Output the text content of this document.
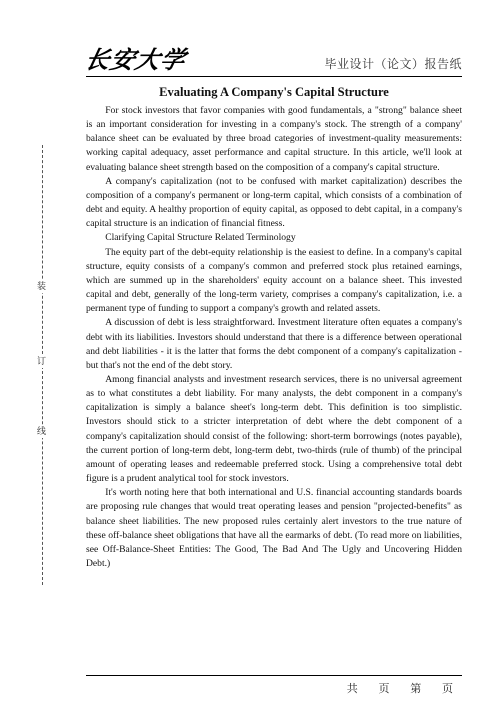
长安大学	毕业设计（论文）报告纸
装
订
线
Evaluating A Company's Capital Structure

For stock investors that favor companies with good fundamentals, a "strong" balance sheet is an important consideration for investing in a company's stock. The strength of a company' balance sheet can be evaluated by three broad categories of investment-quality measurements: working capital adequacy, asset performance and capital structure. In this article, we'll look at evaluating balance sheet strength based on the composition of a company's capital structure.

A company's capitalization (not to be confused with market capitalization) describes the composition of a company's permanent or long-term capital, which consists of a combination of debt and equity. A healthy proportion of equity capital, as opposed to debt capital, in a company's capital structure is an indication of financial fitness.

Clarifying Capital Structure Related Terminology

The equity part of the debt-equity relationship is the easiest to define. In a company's capital structure, equity consists of a company's common and preferred stock plus retained earnings, which are summed up in the shareholders' equity account on a balance sheet. This invested capital and debt, generally of the long-term variety, comprises a company's capitalization, i.e. a permanent type of funding to support a company's growth and related assets.

A discussion of debt is less straightforward. Investment literature often equates a company's debt with its liabilities. Investors should understand that there is a difference between operational and debt liabilities - it is the latter that forms the debt component of a company's capitalization - but that's not the end of the debt story.

Among financial analysts and investment research services, there is no universal agreement as to what constitutes a debt liability. For many analysts, the debt component in a company's capitalization is simply a balance sheet's long-term debt. This definition is too simplistic. Investors should stick to a stricter interpretation of debt where the debt component of a company's capitalization should consist of the following: short-term borrowings (notes payable), the current portion of long-term debt, long-term debt, two-thirds (rule of thumb) of the principal amount of operating leases and redeemable preferred stock. Using a comprehensive total debt figure is a prudent analytical tool for stock investors.

It's worth noting here that both international and U.S. financial accounting standards boards are proposing rule changes that would treat operating leases and pension "projected-benefits" as balance sheet liabilities. The new proposed rules certainly alert investors to the true nature of these off-balance sheet obligations that have all the earmarks of debt. (To read more on liabilities, see Off-Balance-Sheet Entities: The Good, The Bad And The Ugly and Uncovering Hidden Debt.)

共 页 第 页
